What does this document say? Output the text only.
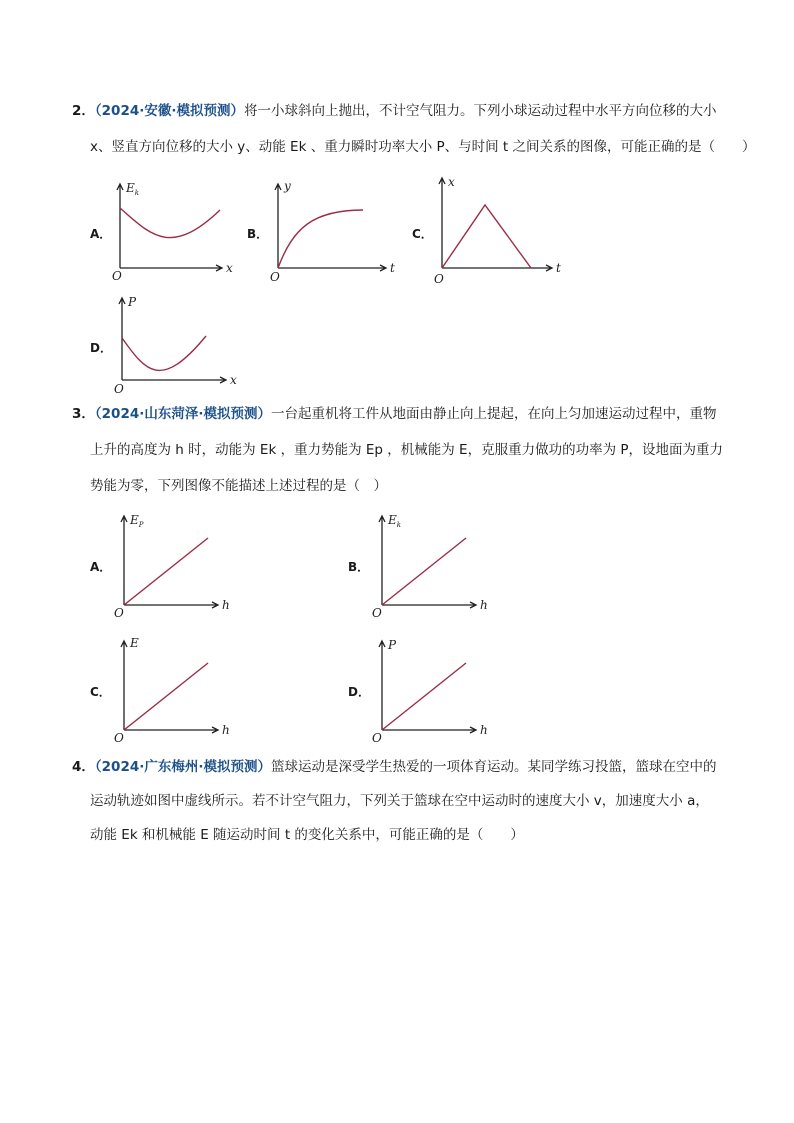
2．（2024·安徽·模拟预测）将一小球斜向上抛出，不计空气阻力。下列小球运动过程中水平方向位移的大小
x、竖直方向位移的大小 y、动能 Ek 、重力瞬时功率大小 P、与时间 t 之间关系的图像，可能正确的是（　　）
A．
$E_k$
x
O
B．
y
t
O
C．
x
t
O
D．
P
x
O
3．（2024·山东菏泽·模拟预测）一台起重机将工件从地面由静止向上提起，在向上匀加速运动过程中，重物
上升的高度为 h 时，动能为 Ek ，重力势能为 Ep ，机械能为 E，克服重力做功的功率为 P，设地面为重力
势能为零，下列图像不能描述上述过程的是（　）
A．
$E_P$
h
O
B．
$E_k$
h
O
C．
E
h
O
D．
P
h
O
4．（2024·广东梅州·模拟预测）篮球运动是深受学生热爱的一项体育运动。某同学练习投篮，篮球在空中的
运动轨迹如图中虚线所示。若不计空气阻力，下列关于篮球在空中运动时的速度大小 v，加速度大小 a，
动能 Ek 和机械能 E 随运动时间 t 的变化关系中，可能正确的是（　　）
